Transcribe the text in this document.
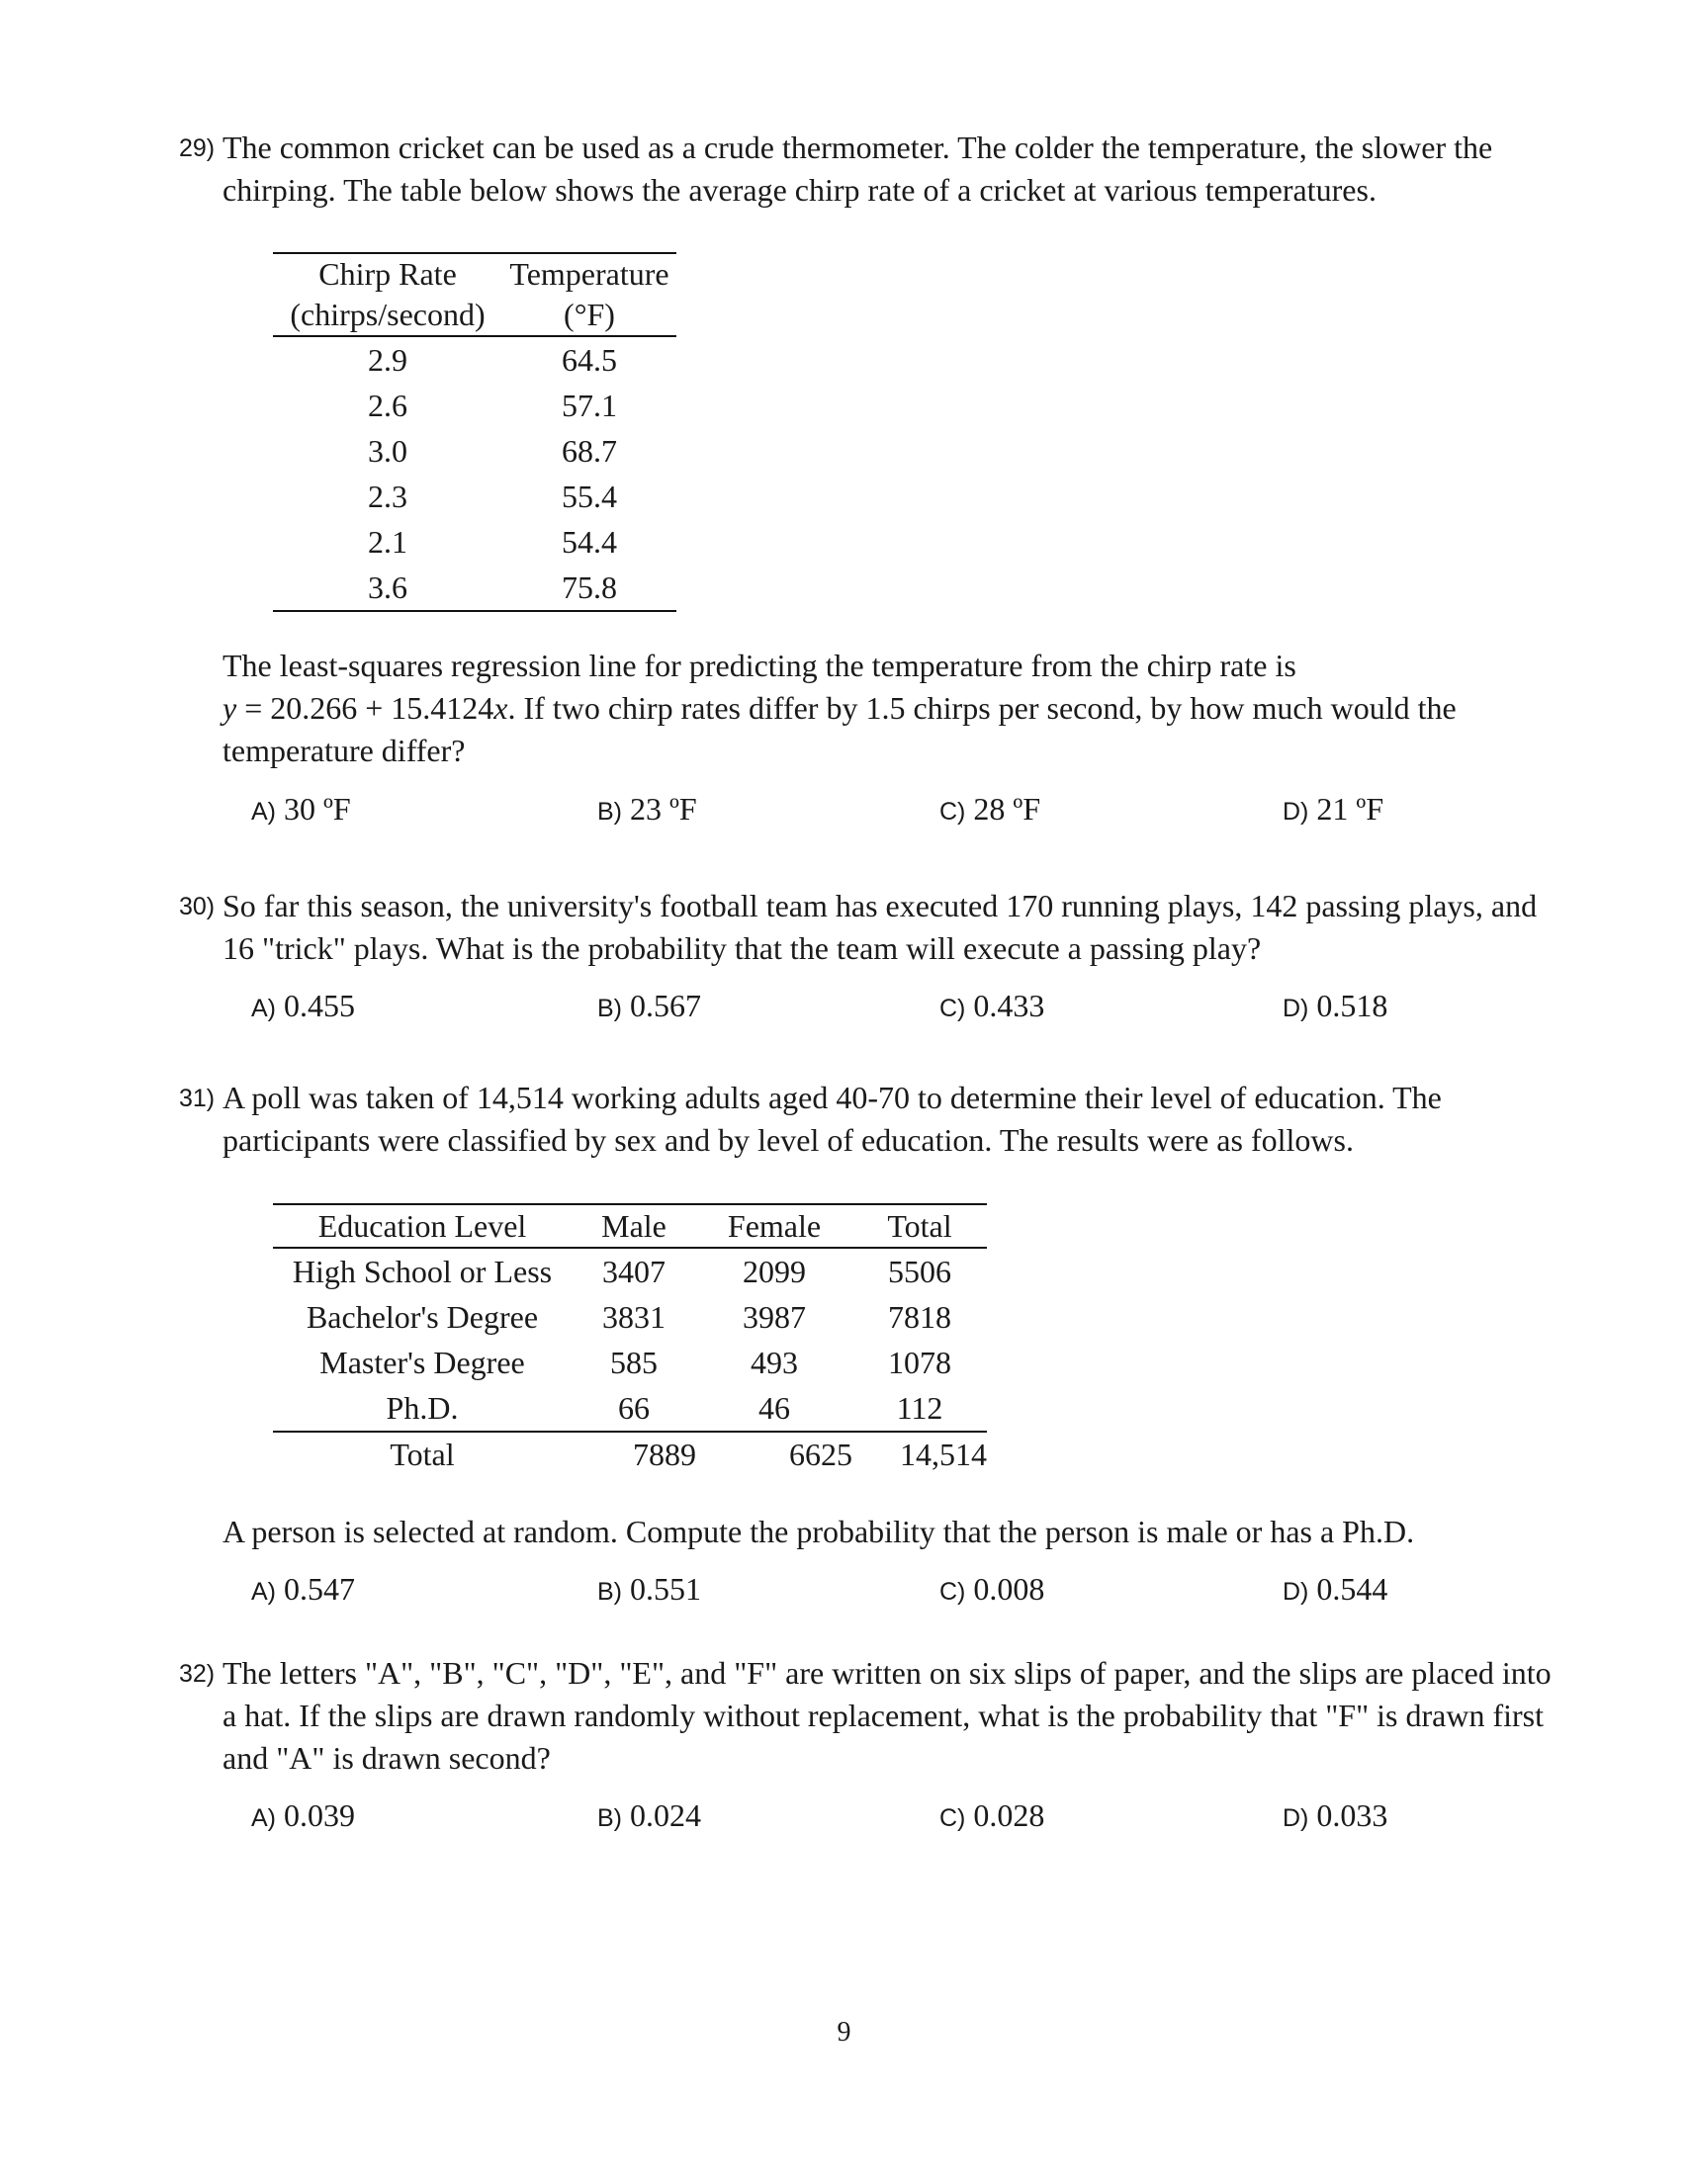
29) The common cricket can be used as a crude thermometer. The colder the temperature, the slower the chirping. The table below shows the average chirp rate of a cricket at various temperatures.
Chirp Rate	Temperature
(chirps/second)	(°F)
2.9	64.5
2.6	57.1
3.0	68.7
2.3	55.4
2.1	54.4
3.6	75.8
The least-squares regression line for predicting the temperature from the chirp rate is
y = 20.266 + 15.4124x. If two chirp rates differ by 1.5 chirps per second, by how much would the temperature differ?
A) 30 ºF	B) 23 ºF	C) 28 ºF	D) 21 ºF
30) So far this season, the university's football team has executed 170 running plays, 142 passing plays, and 16 "trick" plays. What is the probability that the team will execute a passing play?
A) 0.455	B) 0.567	C) 0.433	D) 0.518
31) A poll was taken of 14,514 working adults aged 40-70 to determine their level of education. The participants were classified by sex and by level of education. The results were as follows.
Education Level	Male	Female	Total
High School or Less	3407	2099	5506
Bachelor's Degree	3831	3987	7818
Master's Degree	585	493	1078
Ph.D.	66	46	112
Total	7889	6625	14,514
A person is selected at random. Compute the probability that the person is male or has a Ph.D.
A) 0.547	B) 0.551	C) 0.008	D) 0.544
32) The letters "A", "B", "C", "D", "E", and "F" are written on six slips of paper, and the slips are placed into a hat. If the slips are drawn randomly without replacement, what is the probability that "F" is drawn first and "A" is drawn second?
A) 0.039	B) 0.024	C) 0.028	D) 0.033
9
